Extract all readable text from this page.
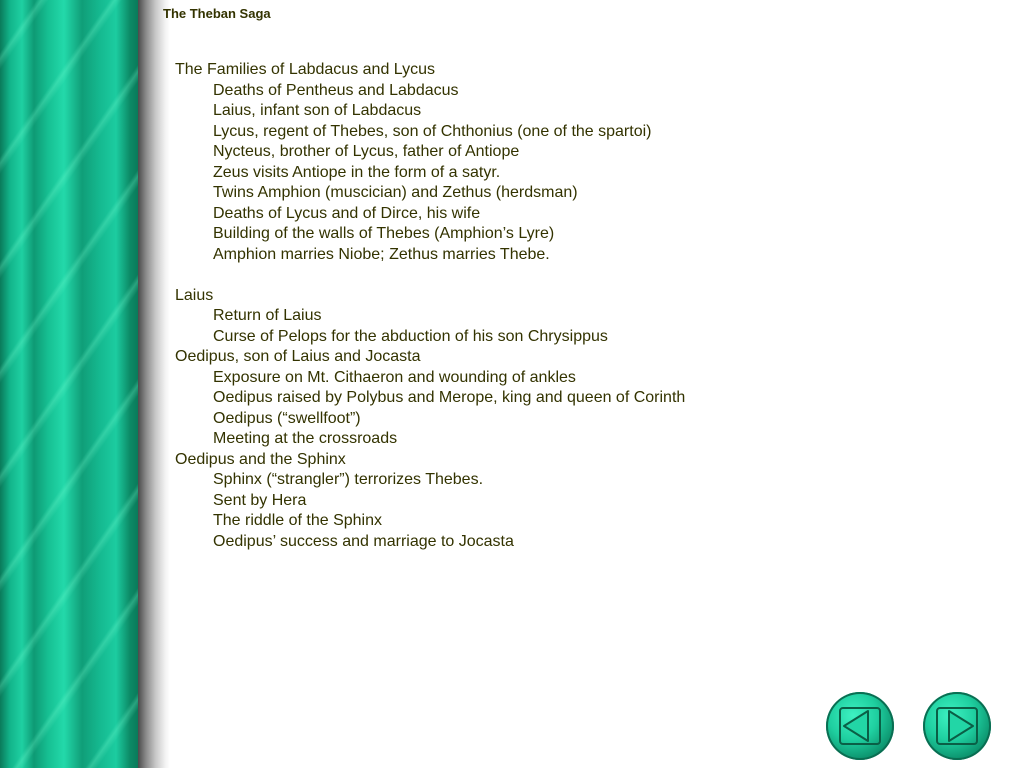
The Theban Saga
The Families of Labdacus and Lycus
Deaths of Pentheus and Labdacus
Laius, infant son of Labdacus
Lycus, regent of Thebes, son of Chthonius (one of the spartoi)
Nycteus, brother of Lycus, father of Antiope
Zeus visits Antiope in the form of a satyr.
Twins Amphion (muscician) and Zethus (herdsman)
Deaths of Lycus and of Dirce, his wife
Building of the walls of Thebes (Amphion’s Lyre)
Amphion marries Niobe; Zethus marries Thebe.
Laius
Return of Laius
Curse of Pelops for the abduction of his son Chrysippus
Oedipus, son of Laius and Jocasta
Exposure on Mt. Cithaeron and wounding of ankles
Oedipus raised by Polybus and Merope, king and queen of Corinth
Oedipus (“swellfoot”)
Meeting at the crossroads
Oedipus and the Sphinx
Sphinx (“strangler”) terrorizes Thebes.
Sent by Hera
The riddle of the Sphinx
Oedipus’ success and marriage to Jocasta
